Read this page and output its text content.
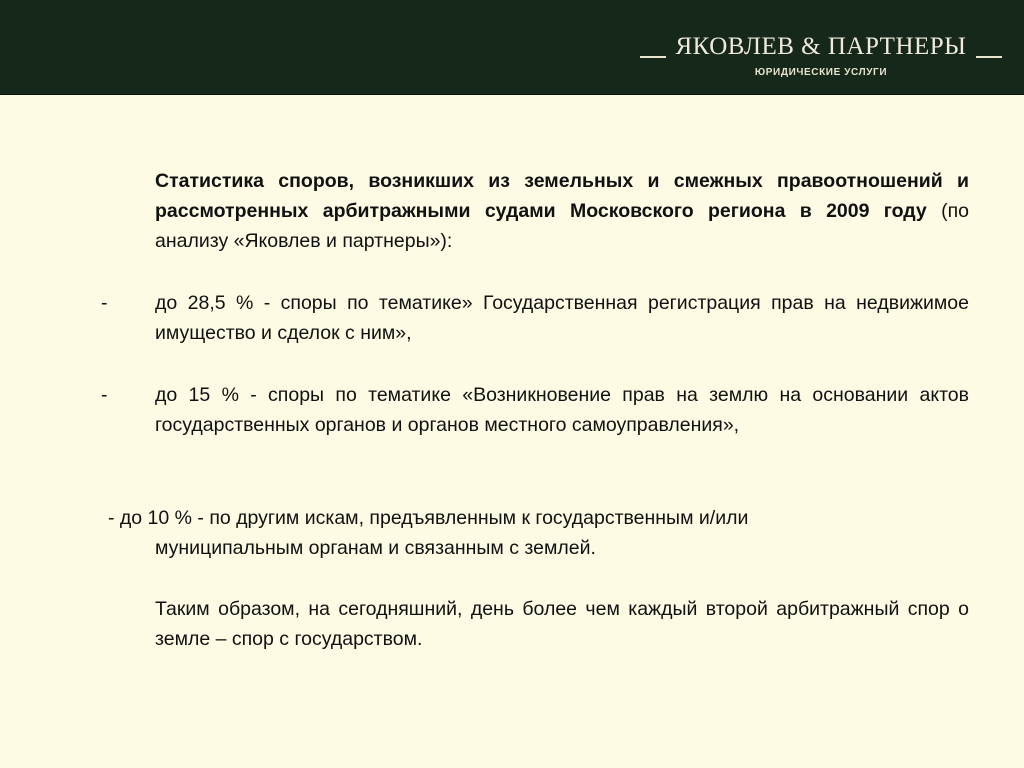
ЯКОВЛЕВ & ПАРТНЕРЫ
ЮРИДИЧЕСКИЕ УСЛУГИ
Статистика споров, возникших из земельных и смежных правоотношений и рассмотренных арбитражными судами Московского региона в 2009 году (по анализу «Яковлев и партнеры»):
- до 28,5 % - споры по тематике» Государственная регистрация прав на недвижимое имущество и сделок с ним»,
- до 15 % - споры по тематике «Возникновение прав на землю на основании актов государственных органов и органов местного самоуправления»,
- до 10 % - по другим искам, предъявленным к государственным и/или
муниципальным органам и связанным с землей.
Таким образом, на сегодняшний, день более чем каждый второй арбитражный спор о земле – спор с государством.
